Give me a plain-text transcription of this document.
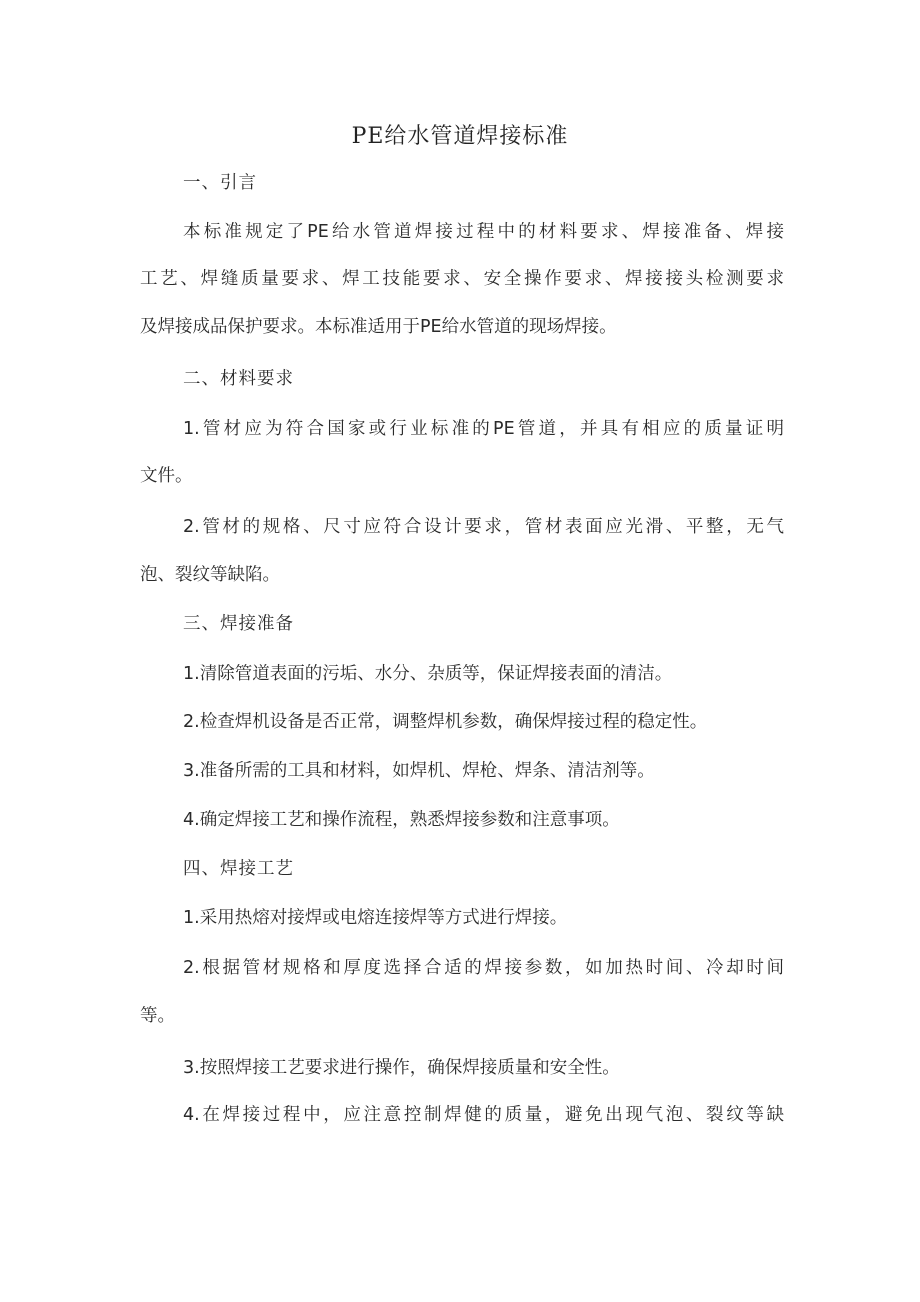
PE给水管道焊接标准
一、引言
本标准规定了PE给水管道焊接过程中的材料要求、焊接准备、焊接
工艺、焊缝质量要求、焊工技能要求、安全操作要求、焊接接头检测要求
及焊接成品保护要求。本标准适用于PE给水管道的现场焊接。
二、材料要求
1.管材应为符合国家或行业标准的PE管道，并具有相应的质量证明
文件。
2.管材的规格、尺寸应符合设计要求，管材表面应光滑、平整，无气
泡、裂纹等缺陷。
三、焊接准备
1.清除管道表面的污垢、水分、杂质等，保证焊接表面的清洁。
2.检查焊机设备是否正常，调整焊机参数，确保焊接过程的稳定性。
3.准备所需的工具和材料，如焊机、焊枪、焊条、清洁剂等。
4.确定焊接工艺和操作流程，熟悉焊接参数和注意事项。
四、焊接工艺
1.采用热熔对接焊或电熔连接焊等方式进行焊接。
2.根据管材规格和厚度选择合适的焊接参数，如加热时间、冷却时间
等。
3.按照焊接工艺要求进行操作，确保焊接质量和安全性。
4.在焊接过程中，应注意控制焊健的质量，避免出现气泡、裂纹等缺
